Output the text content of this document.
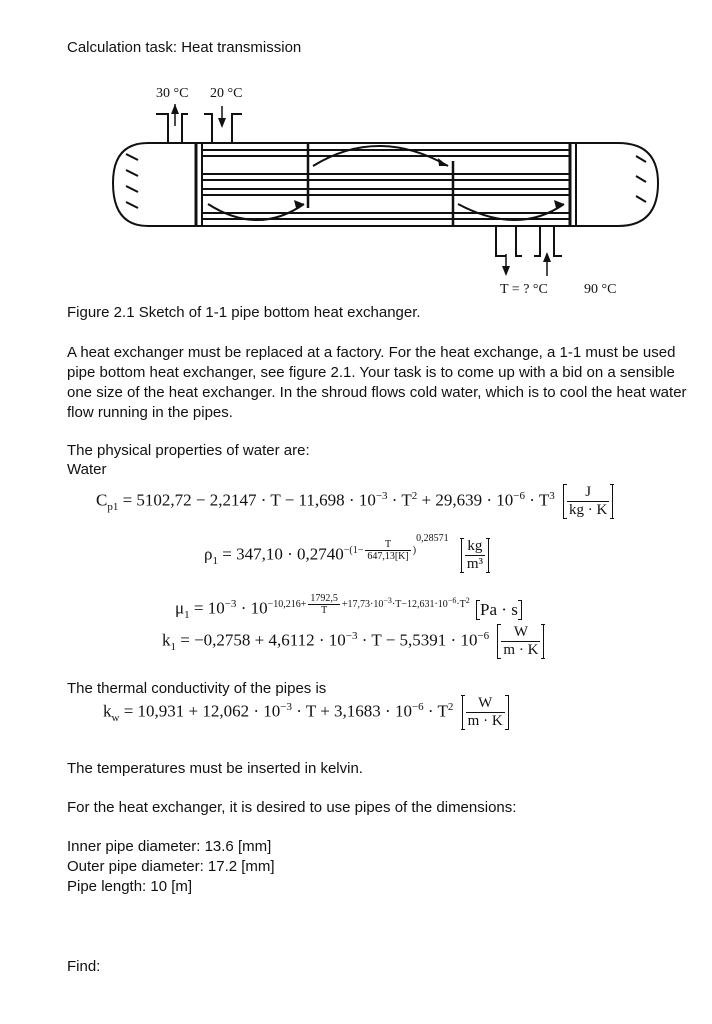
Calculation task: Heat transmission
30 °C 20 °C
T = ? °C	90 °C
Figure 2.1 Sketch of 1-1 pipe bottom heat exchanger.
A heat exchanger must be replaced at a factory. For the heat exchange, a 1-1 must be used pipe bottom heat exchanger, see figure 2.1. Your task is to come up with a bid on a sensible one size of the heat exchanger. In the shroud flows cold water, which is to cool the heat water flow running in the pipes.
The physical properties of water are:
Water
$C_{p1} = 5102,72 - 2,2147 \cdot T - 11,698 \cdot 10^{-3} \cdot T^2 + 29,639 \cdot 10^{-6} \cdot T^3 \frac{J}{kg \cdot K}$
$\rho_1 = 347,10 \cdot 0,2740^{-(1- \frac{T}{647,13[K]} )0,28571} \frac{kg}{\text{m³}}$
$\mu_1 = 10^{-3} \cdot 10^{-10,216+ \frac{1792,5}{T} +17,73\cdot 10^{-3}\cdot T-12,631\cdot 10^{-6}\cdot T^2}$ Pa · s
$k_1 = -0,2758 + 4,6112 \cdot 10^{-3} \cdot T - 5,5391 \cdot 10^{-6} \frac{W}{m \cdot K}$
The thermal conductivity of the pipes is
$k_w = 10,931 + 12,062 \cdot 10^{-3} \cdot T + 3,1683 \cdot 10^{-6} \cdot T^2 \frac{W}{m \cdot K}$
The temperatures must be inserted in kelvin.
For the heat exchanger, it is desired to use pipes of the dimensions:
Inner pipe diameter: 13.6 [mm]
Outer pipe diameter: 17.2 [mm]
Pipe length: 10 [m]
Find:
